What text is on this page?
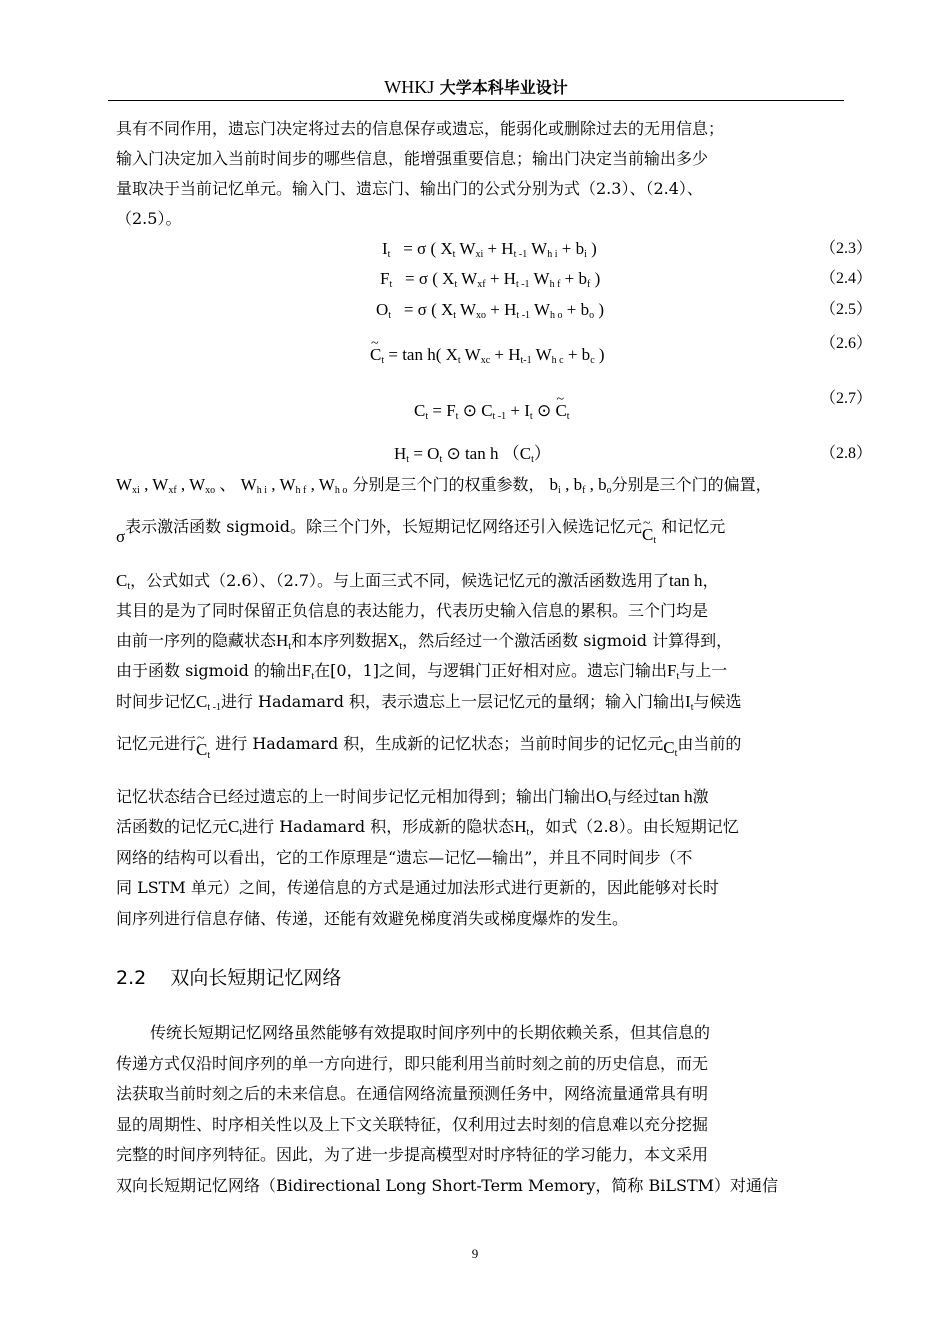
WHKJ 大学本科毕业设计
具有不同作用，遗忘门决定将过去的信息保存或遗忘，能弱化或删除过去的无用信息；
输入门决定加入当前时间步的哪些信息，能增强重要信息；输出门决定当前输出多少
量取决于当前记忆单元。输入门、遗忘门、输出门的公式分别为式（2.3）、（2.4）、
（2.5）。
$I_t = \sigma$ ( $X_t$ $W_{xi} + H_{t -1}$ $W_{h i} + b_i$ )	（2.3）
$F_t = \sigma$ ( $X_t$ $W_{xf} + H_{t -1}$ $W_{h f} + b_f$ )	（2.4）
$O_t = \sigma$ ( $X_t$ $W_{xo} + H_{t -1}$ $W_{h o} + b_o$ )	（2.5）
~ $C_t = \tan h$( $X_t$ $W_{xc} + H_{t-1}$ $W_{h c} + b_c$ )
（2.6）
$C_t = F_t$ ⊙ $C_{t -1} + I_t$ ⊙ ~ $C_t$
（2.7）
$H_t = O_t$ ⊙ tan h $(C_t)$	（2.8）
$W_{xi}$ , $W_{xf}$ , $W_{xo}$ 、 $W_{h i}$ , $W_{h f}$ , $W_{h o}$ 分别是三个门的权重参数， $b_i$ , $b_f$ , $b_o$分别是三个门的偏置，
σ表示激活函数 sigmoid。除三个门外，长短期记忆网络还引入候选记忆元~ $C_t$ 和记忆元
$C_t$，公式如式（2.6）、（2.7）。与上面三式不同，候选记忆元的激活函数选用了tan h，
其目的是为了同时保留正负信息的表达能力，代表历史输入信息的累积。三个门均是
由前一序列的隐藏状态$H_t$和本序列数据$X_t$，然后经过一个激活函数 sigmoid 计算得到，
由于函数 sigmoid 的输出$F_t$在[0，1]之间，与逻辑门正好相对应。遗忘门输出$F_t$与上一
时间步记忆$C_{t -1}$进行 Hadamard 积，表示遗忘上一层记忆元的量纲；输入门输出$I_t$与候选
记忆元进行~ $C_t$ 进行 Hadamard 积，生成新的记忆状态；当前时间步的记忆元$C_t$由当前的
记忆状态结合已经过遗忘的上一时间步记忆元相加得到；输出门输出$O_t$与经过tan h激
活函数的记忆元$C_t$进行 Hadamard 积，形成新的隐状态$H_t$，如式（2.8）。由长短期记忆
网络的结构可以看出，它的工作原理是“遗忘—记忆—输出”，并且不同时间步（不
同 LSTM 单元）之间，传递信息的方式是通过加法形式进行更新的，因此能够对长时
间序列进行信息存储、传递，还能有效避免梯度消失或梯度爆炸的发生。
2.2 双向长短期记忆网络
传统长短期记忆网络虽然能够有效提取时间序列中的长期依赖关系，但其信息的
传递方式仅沿时间序列的单一方向进行，即只能利用当前时刻之前的历史信息，而无
法获取当前时刻之后的未来信息。在通信网络流量预测任务中，网络流量通常具有明
显的周期性、时序相关性以及上下文关联特征，仅利用过去时刻的信息难以充分挖掘
完整的时间序列特征。因此，为了进一步提高模型对时序特征的学习能力，本文采用
双向长短期记忆网络（Bidirectional Long Short-Term Memory，简称 BiLSTM）对通信
9
